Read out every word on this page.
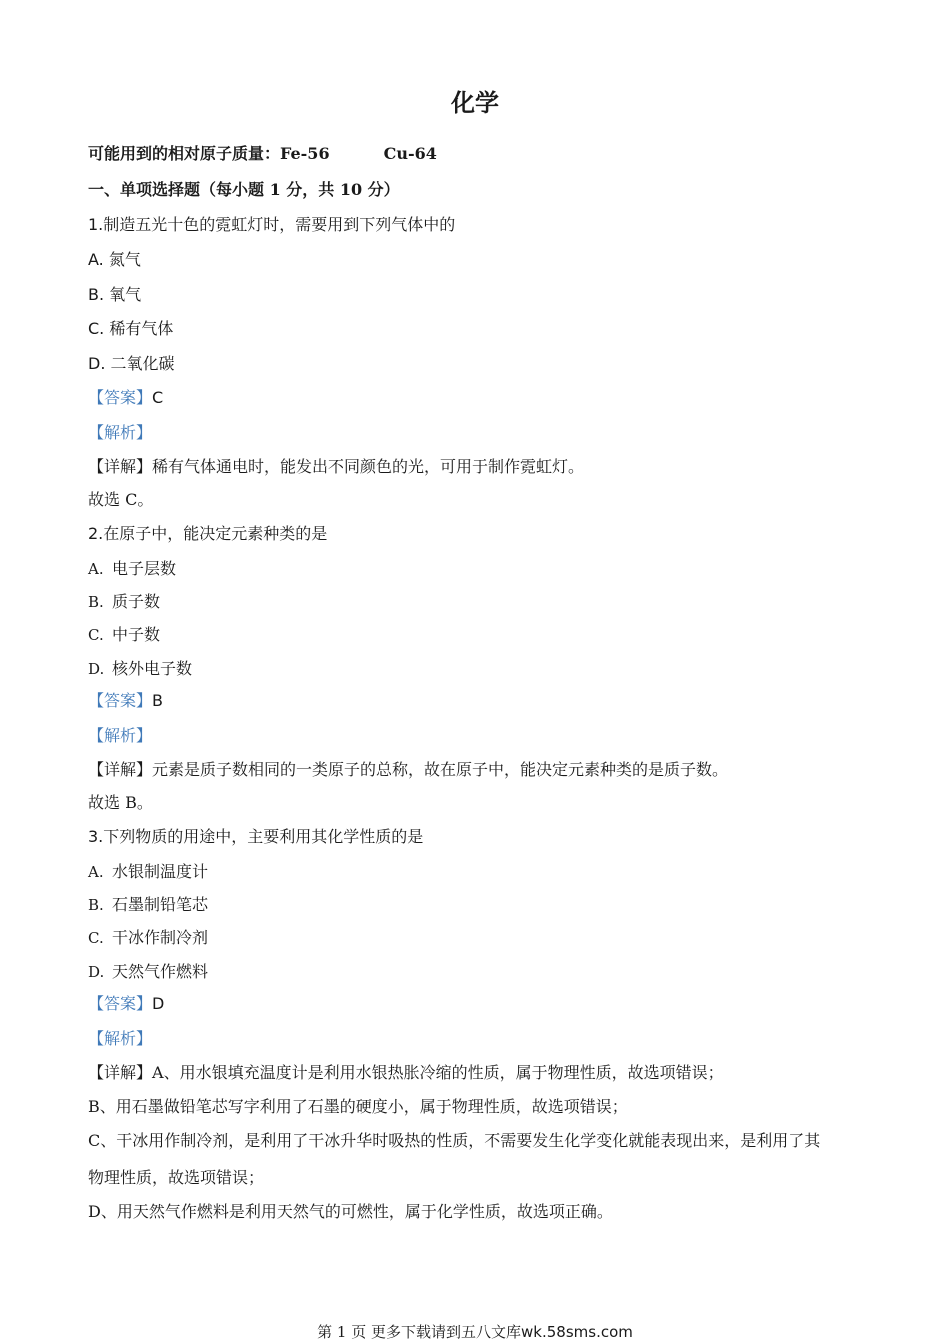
化学
可能用到的相对原子质量：Fe-56	Cu-64
一、单项选择题（每小题 1 分，共 10 分）
1.制造五光十色的霓虹灯时，需要用到下列气体中的
A. 氮气
B. 氧气
C. 稀有气体
D. 二氧化碳
【答案】C
【解析】
【详解】稀有气体通电时，能发出不同颜色的光，可用于制作霓虹灯。
故选 C。
2.在原子中，能决定元素种类的是
A. 电子层数
B. 质子数
C. 中子数
D. 核外电子数
【答案】B
【解析】
【详解】元素是质子数相同的一类原子的总称，故在原子中，能决定元素种类的是质子数。
故选 B。
3.下列物质的用途中，主要利用其化学性质的是
A. 水银制温度计
B. 石墨制铅笔芯
C. 干冰作制冷剂
D. 天然气作燃料
【答案】D
【解析】
【详解】A、用水银填充温度计是利用水银热胀冷缩的性质，属于物理性质，故选项错误；
B、用石墨做铅笔芯写字利用了石墨的硬度小，属于物理性质，故选项错误；
C、干冰用作制冷剂，是利用了干冰升华时吸热的性质，不需要发生化学变化就能表现出来，是利用了其
物理性质，故选项错误；
D、用天然气作燃料是利用天然气的可燃性，属于化学性质，故选项正确。
第 1 页 更多下载请到五八文库wk.58sms.com
